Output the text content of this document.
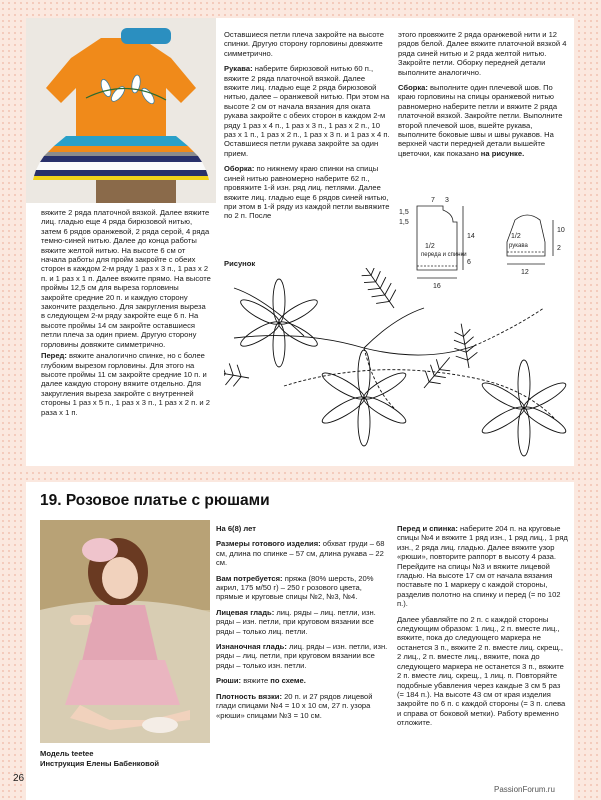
вяжите 2 ряда платочной вязкой. Далее вяжите лиц. гладью еще 4 ряда бирюзовой нитью, затем 6 рядов оранжевой, 2 ряда серой, 4 ряда темно-синей нитью. Далее до конца работы вяжите желтой нитью. На высоте 6 см от начала работы для пройм закройте с обеих сторон в каждом 2-м ряду 1 раз х 3 п., 1 раз х 2 п. и 1 раз х 1 п. Далее вяжите прямо. На высоте проймы 12,5 см для выреза горловины закройте средние 20 п. и каждую сторону закончите раздельно. Для закругления выреза в следующем 2-м ряду закройте еще 6 п. На высоте проймы 14 см закройте оставшиеся петли плеча за один прием. Другую сторону горловины довяжите симметрично.

Перед: вяжите аналогично спинке, но с более глубоким вырезом горловины. Для этого на высоте проймы 11 см закройте средние 10 п. и далее каждую сторону вяжите отдельно. Для закругления выреза закройте с внутренней стороны 1 раз х 5 п., 1 раз х 3 п., 1 раз х 2 п. и 2 раза х 1 п.

Оставшиеся петли плеча закройте на высоте спинки. Другую сторону горловины довяжите симметрично.

Рукава: наберите бирюзовой нитью 60 п., вяжите 2 ряда платочной вязкой. Далее вяжите лиц. гладью еще 2 ряда бирюзовой нитью, далее – оранжевой нитью. При этом на высоте 2 см от начала вязания для оката рукава закройте с обеих сторон в каждом 2-м ряду 1 раз х 4 п., 1 раз х 3 п., 1 раз х 2 п., 10 раз х 1 п., 1 раз х 2 п., 1 раз х 3 п. и 1 раз х 4 п. Оставшиеся петли рукава закройте за один прием.

Оборка: по нижнему краю спинки на спицы синей нитью равномерно наберите 62 п., провяжите 1-й изн. ряд лиц. петлями. Далее вяжите лиц. гладью еще 6 рядов синей нитью, при этом в 1-й ряду из каждой петли вывяжите по 2 п. После

этого провяжите 2 ряда оранжевой нити и 12 рядов белой. Далее вяжите платочной вязкой 4 ряда синей нитью и 2 ряда желтой нитью. Закройте петли. Оборку передней детали выполните аналогично.

Сборка: выполните один плечевой шов. По краю горловины на спицы оранжевой нитью равномерно наберите петли и вяжите 2 ряда платочной вязкой. Закройте петли. Выполните второй плечевой шов, вшейте рукава, выполните боковые швы и швы рукавов. На верхней части передней детали вышейте цветочки, как показано на рисунке.

7 3
1,5
1,5
14
6
1/2
переда и спинки
16
10
2
1/2
рукава
12
Рисунок
19. Розовое платье с рюшами
Модель teetee
Инструкция Елены Бабенковой

На 6(8) лет

Размеры готового изделия: обхват груди – 68 см, длина по спинке – 57 см, длина рукава – 22 см.

Вам потребуется: пряжа (80% шерсть, 20% акрил, 175 м/50 г) – 250 г розового цвета, прямые и круговые спицы №2, №3, №4.

Лицевая гладь: лиц. ряды – лиц. петли, изн. ряды – изн. петли, при круговом вязании все ряды – только лиц. петли.

Изнаночная гладь: лиц. ряды – изн. петли, изн. ряды – лиц. петли, при круговом вязании все ряды – только изн. петли.

Рюши: вяжите по схеме.

Плотность вязки: 20 п. и 27 рядов лицевой глади спицами №4 = 10 х 10 см, 27 п. узора «рюши» спицами №3 = 10 см.

Перед и спинка: наберите 204 п. на круговые спицы №4 и вяжите 1 ряд изн., 1 ряд лиц., 1 ряд изн., 2 ряда лиц. гладью. Далее вяжите узор «рюши», повторите раппорт в высоту 4 раза. Перейдите на спицы №3 и вяжите лицевой гладью. На высоте 17 см от начала вязания поставьте по 1 маркеру с каждой стороны, разделив полотно на спинку и перед (= по 102 п.).

Далее убавляйте по 2 п. с каждой стороны следующим образом: 1 лиц., 2 п. вместе лиц., вяжите, пока до следующего маркера не останется 3 п., вяжите 2 п. вместе лиц. скрещ., 2 лиц., 2 п. вместе лиц., вяжите, пока до следующего маркера не останется 3 п., вяжите 2 п. вместе лиц. скрещ., 1 лиц. п. Повторяйте подобные убавления через каждые 3 см 5 раз (= 184 п.). На высоте 43 см от края изделия закройте по 6 п. с каждой стороны (= 3 п. слева и справа от боковой метки). Работу временно отложите.

26
PassionForum.ru
